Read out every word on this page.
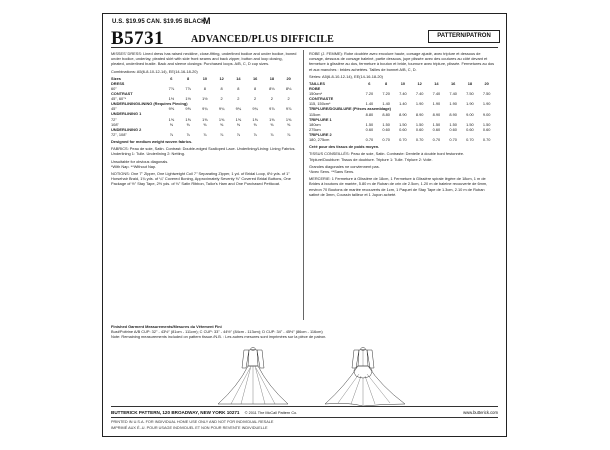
U.S. $19.95 CAN. $19.95 BLACK
M
B5731	ADVANCED/PLUS DIFFICILE	PATTERN/PATRON

MISSES' DRESS: Lined dress has raised neckline, close-fitting, underlined bodice and under bodice, boned under bodice, underlay, pleated skirt with side front seams and back zipper, button and loop closing, pleated, underlined bustle. Back and sleeve closings: Purchased loops. A/B, C, D cup sizes.

Combinations: A5(6-8-10-12-14), EE(14-16-18-20)

Sizes	6	8	10	12	14	16	18	20
DRESS								
60"	7⅞	7⅞	8	8	8	8	8⅛	8⅛
CONTRAST								
45", 60"*	1½	1½	1½	2	2	2	2	2
UNDERLINING/LINING (Requires Piecing)								
45"	9⅝	9⅝	9¾	9¾	9¾	9¾	9⅞	9⅞
UNDERLINING 1								
72"	1⅝	1⅝	1⅝	1⅝	1⅝	1⅝	1⅝	1⅝
108"	⅝	⅝	⅝	⅝	⅝	⅝	⅝	⅝
UNDERLINING 2								
72", 108"	⅞	⅞	⅞	⅞	⅞	⅞	⅞	⅞

Designed for medium weight woven fabrics.

FABRICS: Peau de soie, Satin. Contrast: Double-edged Scalloped Lace. Underlining/Lining: Lining Fabrics. Underlining 1: Tulle. Underlining 2: Netting.

Unsuitable for obvious diagonals.

*With Nap. **Without Nap.

NOTIONS: One 7" Zipper, One Lightweight Coil 7" Separating Zipper, 1 yd. of Bridal Loop, 6½ yds. of 1" Horsehair Braid, 1¾ yds. of ¼" Covered Boning, Approximately Seventy ⅜" Covered Bridal Buttons, One Package of ½" Stay Tape, 2½ yds. of ⅛" Satin Ribbon, Tailor's Ham and One Purchased Petticoat.

ROBE (J. FEMME): Robe doublée avec encolure haute, corsage ajusté, avec triplure et dessous de corsage, dessous de corsage baleiné, partie dessous, jupe plissée avec des coutures au côté devant et fermeture à glissière au dos, fermeture à bouton et bride, tournure avec triplure, plissée. Fermetures au dos et aux manches : brides achetées. Tailles de bonnet A/B, C, D.

Séries: A5(6-8-10-12-14), EE(14-16-18-20)

TAILLES	6	8	10	12	14	16	18	20
ROBE								
150cm*	7.20	7.20	7.40	7.40	7.40	7.40	7.50	7.50
CONTRASTE								
115, 150cm*	1.40	1.40	1.40	1.90	1.90	1.90	1.90	1.90
TRIPLURE/DOUBLURE (Pièces assemblage)								
115cm	8.80	8.80	8.90	8.90	8.90	8.90	9.00	9.00
TRIPLURE 1								
180cm	1.50	1.50	1.50	1.50	1.50	1.50	1.50	1.50
275cm	0.60	0.60	0.60	0.60	0.60	0.60	0.60	0.60
TRIPLURE 2								
180, 275cm	0.70	0.70	0.70	0.70	0.70	0.70	0.70	0.70

Créé pour des tissus de poids moyen.

TISSUS CONSEILLÉS: Peau de soie, Satin. Contraste: Dentelle à double bord festonnée. Triplure/Doublure: Tissus de doublure. Triplure 1: Tulle. Triplure 2: Voile.

Grandes diagonales ne conviennent pas.

*Avec Sens. **Sans Sens.

MERCERIE: 1 Fermeture à Glissière de 18cm, 1 Fermeture à Glissière spirale légère de 18cm, 1 m de Brides à boutons de mariée, 5.80 m de Ruban de crin de 2.5cm, 1.20 m de baleine recouverte de 6mm, environ 70 Boutons de mariée recouverts de 1cm, 1 Paquet de Stay Tape de 1.3cm, 2.10 m de Ruban satiné de 3mm, Coussin tailleur et 1 Jupon acheté.

Finished Garment Measurements/Mesures du Vêtement Fini
Bust/Poitrine A/B CUP: 32" - 43½" (81cm - 111cm); C CUP: 33" - 44½" (84cm - 113cm); D CUP: 34" - 45½" (86cm - 116cm)
Note: Remaining measurements included on pattern tissue./N.B. : Les autres mesures sont imprimées sur la pièce de patron.
BUTTERICK PATTERN, 120 BROADWAY, NEW YORK 10271 © 2011 The McCall Pattern Co.	www.butterick.com
PRINTED IN U.S.A. FOR INDIVIDUAL HOME USE ONLY AND NOT FOR INDIVIDUAL RESALE
IMPRIMÉ AUX É.-U. POUR USAGE INDIVIDUEL ET NON POUR REVENTE INDIVIDUELLE
